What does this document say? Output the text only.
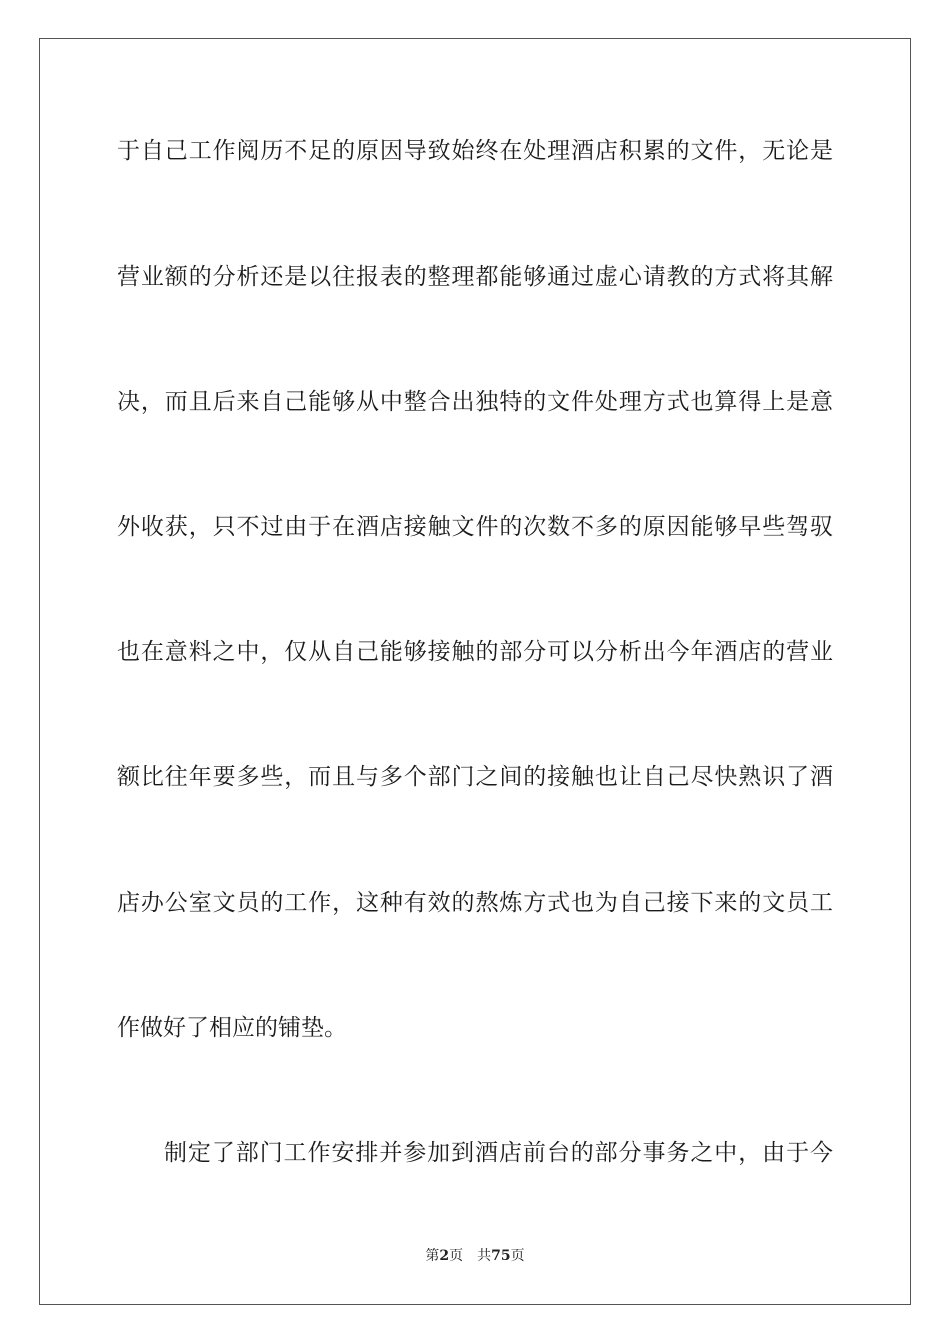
于自己工作阅历不足的原因导致始终在处理酒店积累的文件，无论是
营业额的分析还是以往报表的整理都能够通过虚心请教的方式将其解
决，而且后来自己能够从中整合出独特的文件处理方式也算得上是意
外收获，只不过由于在酒店接触文件的次数不多的原因能够早些驾驭
也在意料之中，仅从自己能够接触的部分可以分析出今年酒店的营业
额比往年要多些，而且与多个部门之间的接触也让自己尽快熟识了酒
店办公室文员的工作，这种有效的熬炼方式也为自己接下来的文员工
作做好了相应的铺垫。
制定了部门工作安排并参加到酒店前台的部分事务之中，由于今
第2页 共75页
